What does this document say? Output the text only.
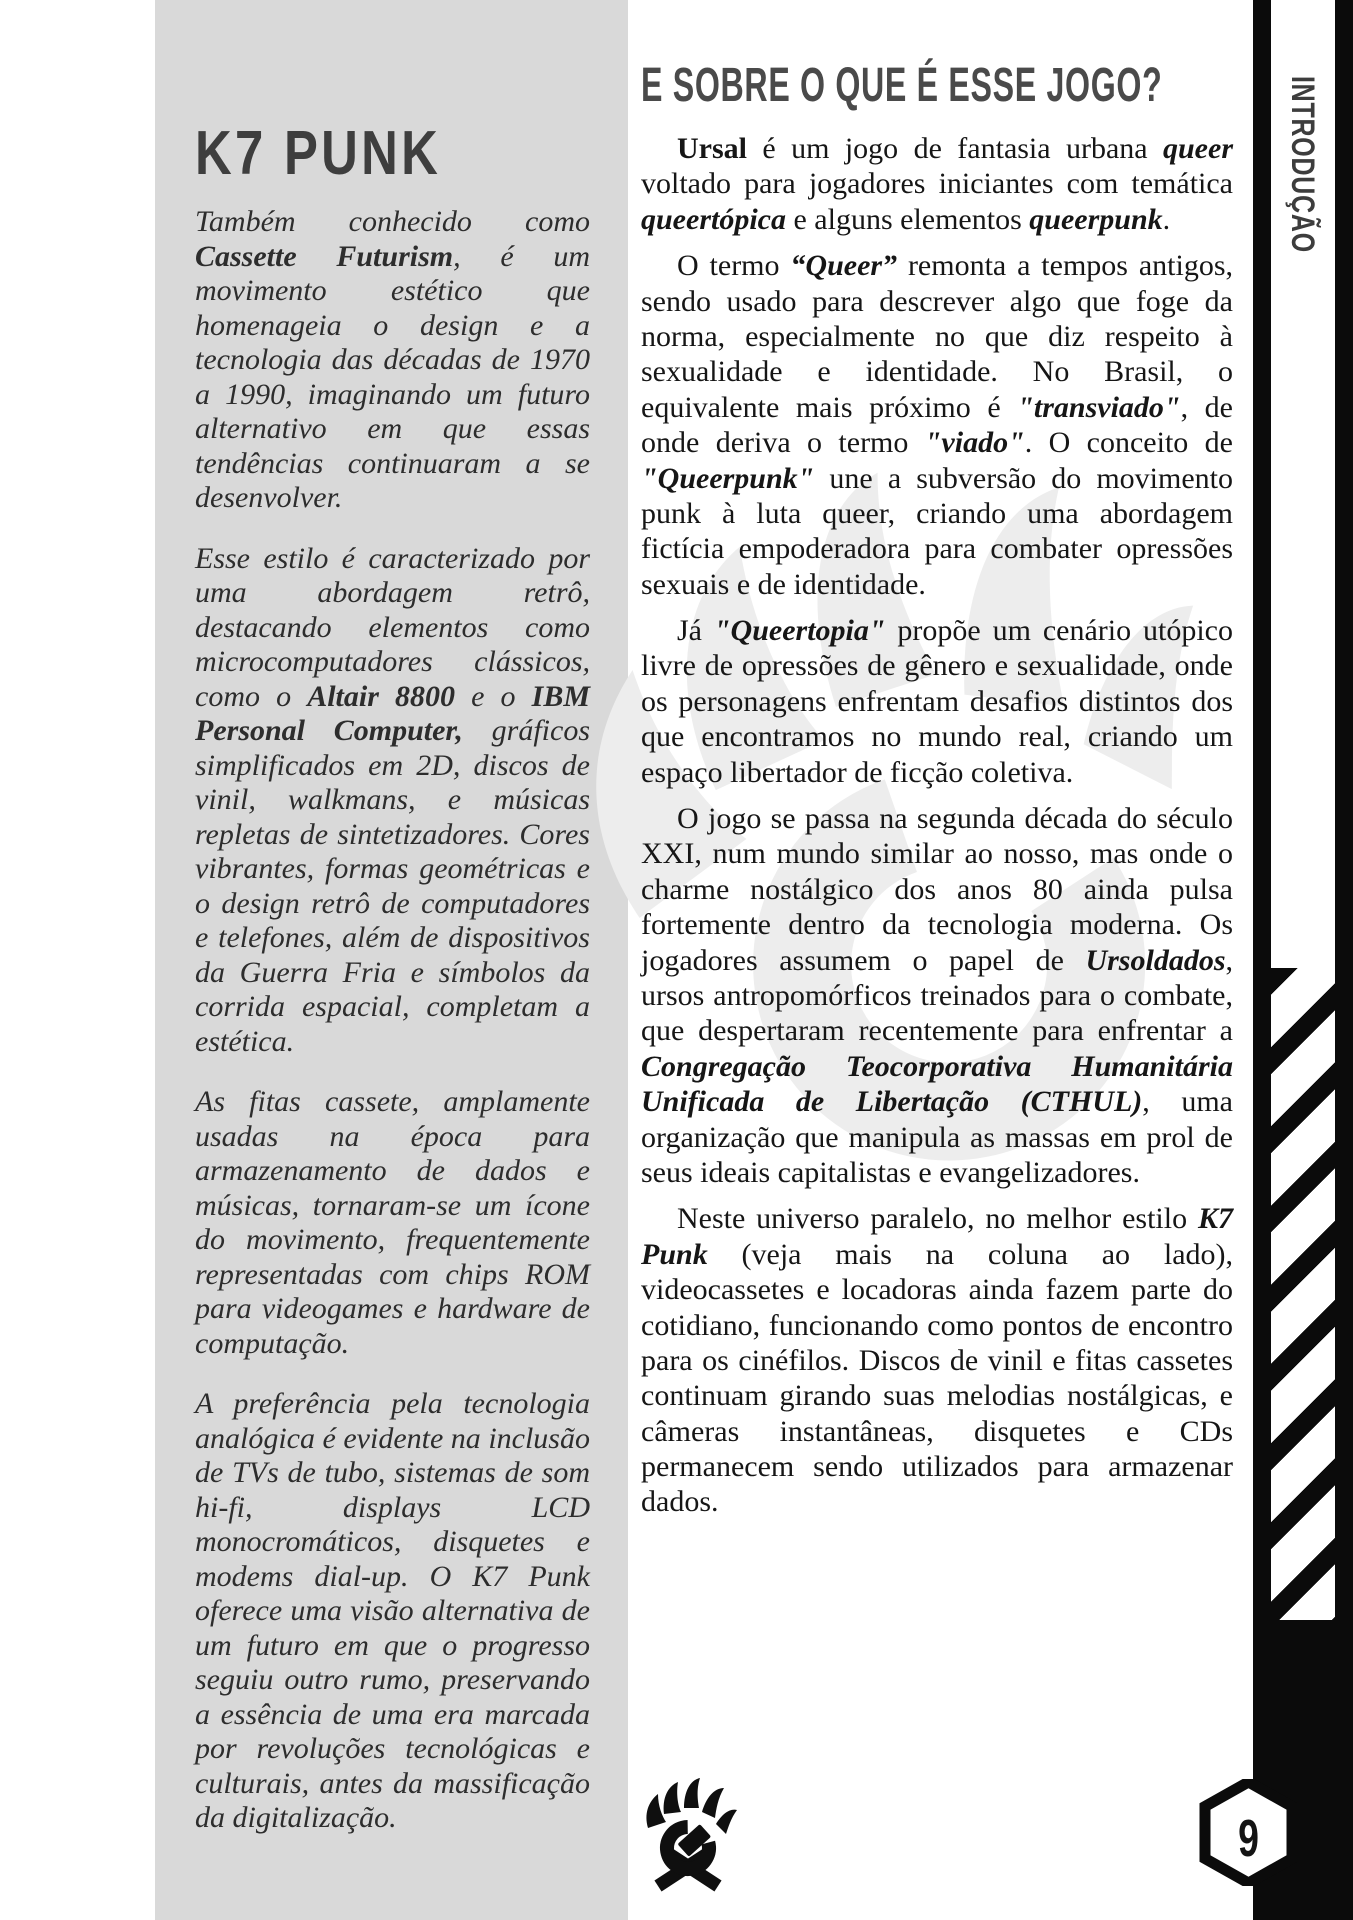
K7 PUNK

Também conhecido como Cassette Futurism, é um movimento estético que homenageia o design e a tecnologia das décadas de 1970 a 1990, imaginando um futuro alternativo em que essas tendências continuaram a se desenvolver.

Esse estilo é caracterizado por uma abordagem retrô, destacando elementos como microcomputadores clássicos, como o Altair 8800 e o IBM Personal Computer, gráficos simplificados em 2D, discos de vinil, walkmans, e músicas repletas de sintetizadores. Cores vibrantes, formas geométricas e o design retrô de computadores e telefones, além de dispositivos da Guerra Fria e símbolos da corrida espacial, completam a estética.

As fitas cassete, amplamente usadas na época para armazenamento de dados e músicas, tornaram-se um ícone do movimento, frequentemente representadas com chips ROM para videogames e hardware de computação.

A preferência pela tecnologia analógica é evidente na inclusão de TVs de tubo, sistemas de som hi-fi, displays LCD monocromáticos, disquetes e modems dial-up. O K7 Punk oferece uma visão alternativa de um futuro em que o progresso seguiu outro rumo, preservando a essência de uma era marcada por revoluções tecnológicas e culturais, antes da massificação da digitalização.

E SOBRE O QUE É ESSE JOGO?

Ursal é um jogo de fantasia urbana queer voltado para jogadores iniciantes com temática queertópica e alguns elementos queerpunk.

O termo “Queer” remonta a tempos antigos, sendo usado para descrever algo que foge da norma, especialmente no que diz respeito à sexualidade e identidade. No Brasil, o equivalente mais próximo é "transviado", de onde deriva o termo "viado". O conceito de "Queerpunk" une a subversão do movimento punk à luta queer, criando uma abordagem fictícia empoderadora para combater opressões sexuais e de identidade.

Já "Queertopia" propõe um cenário utópico livre de opressões de gênero e sexualidade, onde os personagens enfrentam desafios distintos dos que encontramos no mundo real, criando um espaço libertador de ficção coletiva.

O jogo se passa na segunda década do século XXI, num mundo similar ao nosso, mas onde o charme nostálgico dos anos 80 ainda pulsa fortemente dentro da tecnologia moderna. Os jogadores assumem o papel de Ursoldados, ursos antropomórficos treinados para o combate, que despertaram recentemente para enfrentar a Congregação Teocorporativa Humanitária Unificada de Libertação (CTHUL), uma organização que manipula as massas em prol de seus ideais capitalistas e evangelizadores.

Neste universo paralelo, no melhor estilo K7 Punk (veja mais na coluna ao lado), videocassetes e locadoras ainda fazem parte do cotidiano, funcionando como pontos de encontro para os cinéfilos. Discos de vinil e fitas cassetes continuam girando suas melodias nostálgicas, e câmeras instantâneas, disquetes e CDs permanecem sendo utilizados para armazenar dados.

INTRODUÇÃO
9
